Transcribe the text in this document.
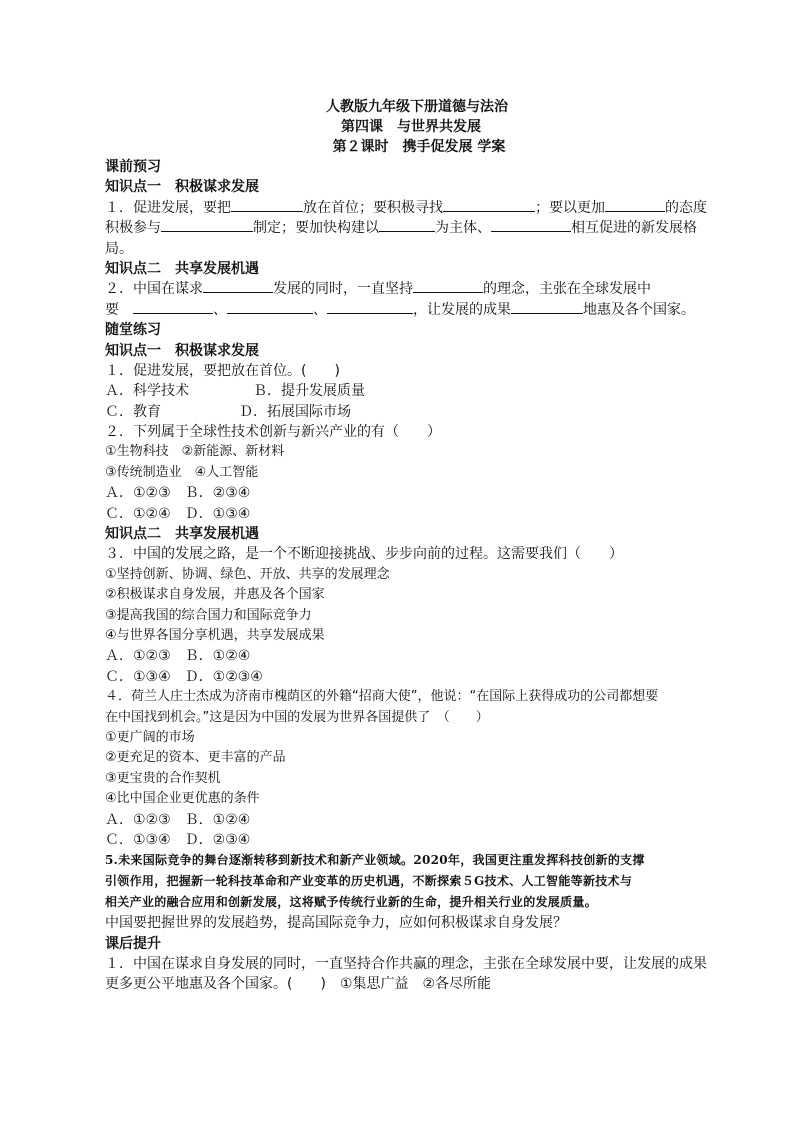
人教版九年级下册道德与法治
第四课　与世界共发展
第２课时　携手促发展 学案
课前预习
知识点一　积极谋求发展
１．促进发展，要把	放在首位；要积极寻找	；要以更加	的态度
积极参与	制定；要加快构建以	为主体、	相互促进的新发展格
局。
知识点二　共享发展机遇
２．中国在谋求	发展的同时，一直坚持	的理念，主张在全球发展中
要	、	、	，让发展的成果	地惠及各个国家。
随堂练习
知识点一　积极谋求发展
１．促进发展，要把放在首位。(　　)
Ａ．科学技术	Ｂ．提升发展质量
Ｃ．教育	Ｄ．拓展国际市场
２．下列属于全球性技术创新与新兴产业的有（　　）
①生物科技　②新能源、新材料
③传统制造业　④人工智能
Ａ．①②③　Ｂ．②③④
Ｃ．①②④　Ｄ．①③④
知识点二　共享发展机遇
３．中国的发展之路，是一个不断迎接挑战、步步向前的过程。这需要我们（　　）
①坚持创新、协调、绿色、开放、共享的发展理念
②积极谋求自身发展，并惠及各个国家
③提高我国的综合国力和国际竞争力
④与世界各国分享机遇，共享发展成果
Ａ．①②③　Ｂ．①②④
Ｃ．①③④　Ｄ．①②③④
４．荷兰人庄士杰成为济南市槐荫区的外籍“招商大使”，他说：“在国际上获得成功的公司都想要
在中国找到机会。”这是因为中国的发展为世界各国提供了　（　　）
①更广阔的市场
②更充足的资本、更丰富的产品
③更宝贵的合作契机
④比中国企业更优惠的条件
Ａ．①②③　Ｂ．①②④
Ｃ．①③④　Ｄ．②③④
5.未来国际竞争的舞台逐渐转移到新技术和新产业领域。2020年，我国更注重发挥科技创新的支撑
引领作用，把握新一轮科技革命和产业变革的历史机遇，不断探索５G技术、人工智能等新技术与
相关产业的融合应用和创新发展，这将赋予传统行业新的生命，提升相关行业的发展质量。
中国要把握世界的发展趋势，提高国际竞争力，应如何积极谋求自身发展？
课后提升
１．中国在谋求自身发展的同时，一直坚持合作共赢的理念，主张在全球发展中要，让发展的成果
更多更公平地惠及各个国家。(　　)　①集思广益　②各尽所能
